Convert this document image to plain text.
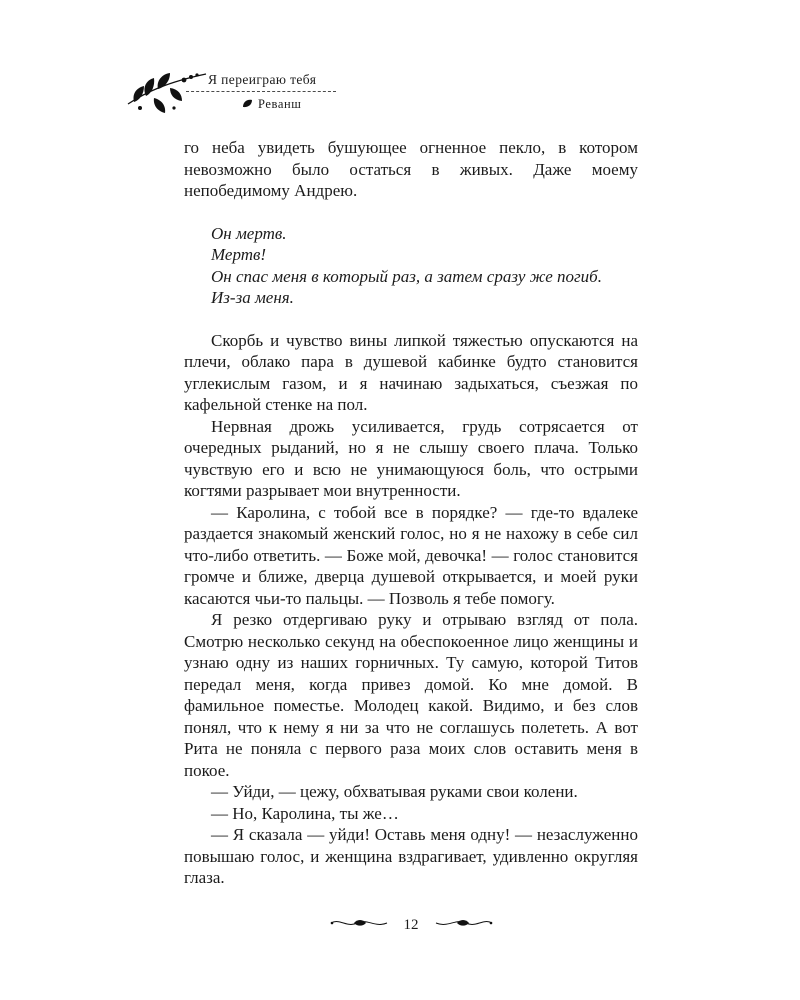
Я переиграю тебя
Реванш

го неба увидеть бушующее огненное пекло, в котором невозможно было остаться в живых. Даже моему непобедимому Андрею.

Он мертв.

Мертв!

Он спас меня в который раз, а затем сразу же погиб.

Из-за меня.

Скорбь и чувство вины липкой тяжестью опускаются на плечи, облако пара в душевой кабинке будто становится углекислым газом, и я начинаю задыхаться, съезжая по кафельной стенке на пол.

Нервная дрожь усиливается, грудь сотрясается от очередных рыданий, но я не слышу своего плача. Только чувствую его и всю не унимающуюся боль, что острыми когтями разрывает мои внутренности.

— Каролина, с тобой все в порядке? — где-то вдалеке раздается знакомый женский голос, но я не нахожу в себе сил что-либо ответить. — Боже мой, девочка! — голос становится громче и ближе, дверца душевой открывается, и моей руки касаются чьи-то пальцы. — Позволь я тебе помогу.

Я резко отдергиваю руку и отрываю взгляд от пола. Смотрю несколько секунд на обеспокоенное лицо женщины и узнаю одну из наших горничных. Ту самую, которой Титов передал меня, когда привез домой. Ко мне домой. В фамильное поместье. Молодец какой. Видимо, и без слов понял, что к нему я ни за что не соглашусь полететь. А вот Рита не поняла с первого раза моих слов оставить меня в покое.

— Уйди, — цежу, обхватывая руками свои колени.

— Но, Каролина, ты же…

— Я сказала — уйди! Оставь меня одну! — незаслуженно повышаю голос, и женщина вздрагивает, удивленно округляя глаза.

12
